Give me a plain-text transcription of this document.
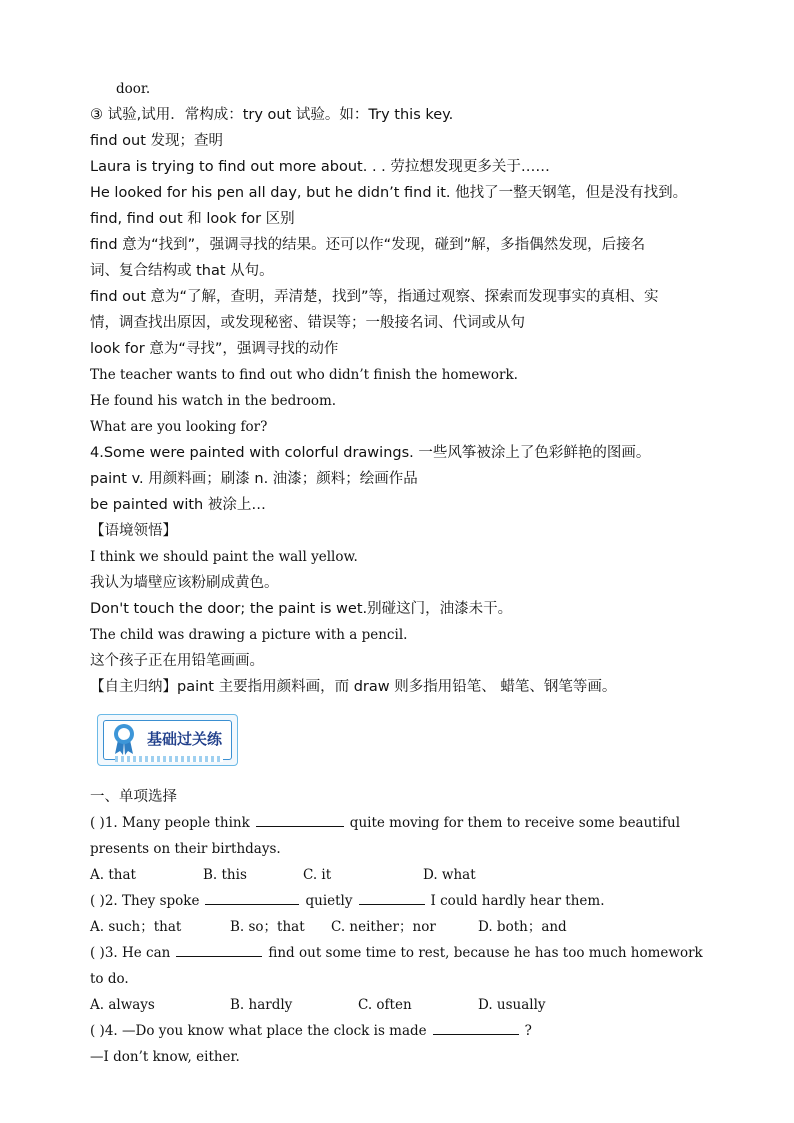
door.
③ 试验,试用．常构成：try out 试验。如：Try this key.
find out 发现；查明
Laura is trying to find out more about. . . 劳拉想发现更多关于……
He looked for his pen all day, but he didn’t find it. 他找了一整天钢笔，但是没有找到。
find, find out 和 look for 区别
find 意为“找到”，强调寻找的结果。还可以作“发现，碰到”解，多指偶然发现，后接名
词、复合结构或 that 从句。
find out 意为“了解，查明，弄清楚，找到”等，指通过观察、探索而发现事实的真相、实
情，调查找出原因，或发现秘密、错误等；一般接名词、代词或从句
look for 意为“寻找”，强调寻找的动作
The teacher wants to find out who didn’t finish the homework.
He found his watch in the bedroom.
What are you looking for?
4.Some were painted with colorful drawings. 一些风筝被涂上了色彩鲜艳的图画。
paint v. 用颜料画；刷漆 n. 油漆；颜料；绘画作品
be painted with 被涂上…
【语境领悟】
I think we should paint the wall yellow.
我认为墙壁应该粉刷成黄色。
Don't touch the door; the paint is wet.别碰这门，油漆未干。
The child was drawing a picture with a pencil.
这个孩子正在用铅笔画画。
【自主归纳】paint 主要指用颜料画，而 draw 则多指用铅笔、 蜡笔、钢笔等画。
基础过关练
一、单项选择
( )1. Many people think	quite moving for them to receive some beautiful
presents on their birthdays.
A. that	B. this	C. it	D. what
( )2. They spoke	quietly	I could hardly hear them.
A. such；that	B. so；that C. neither；nor	D. both；and
( )3. He can	find out some time to rest, because he has too much homework
to do.
A. always	B. hardly	C. often	D. usually
( )4. —Do you know what place the clock is made	?
—I don’t know, either.
